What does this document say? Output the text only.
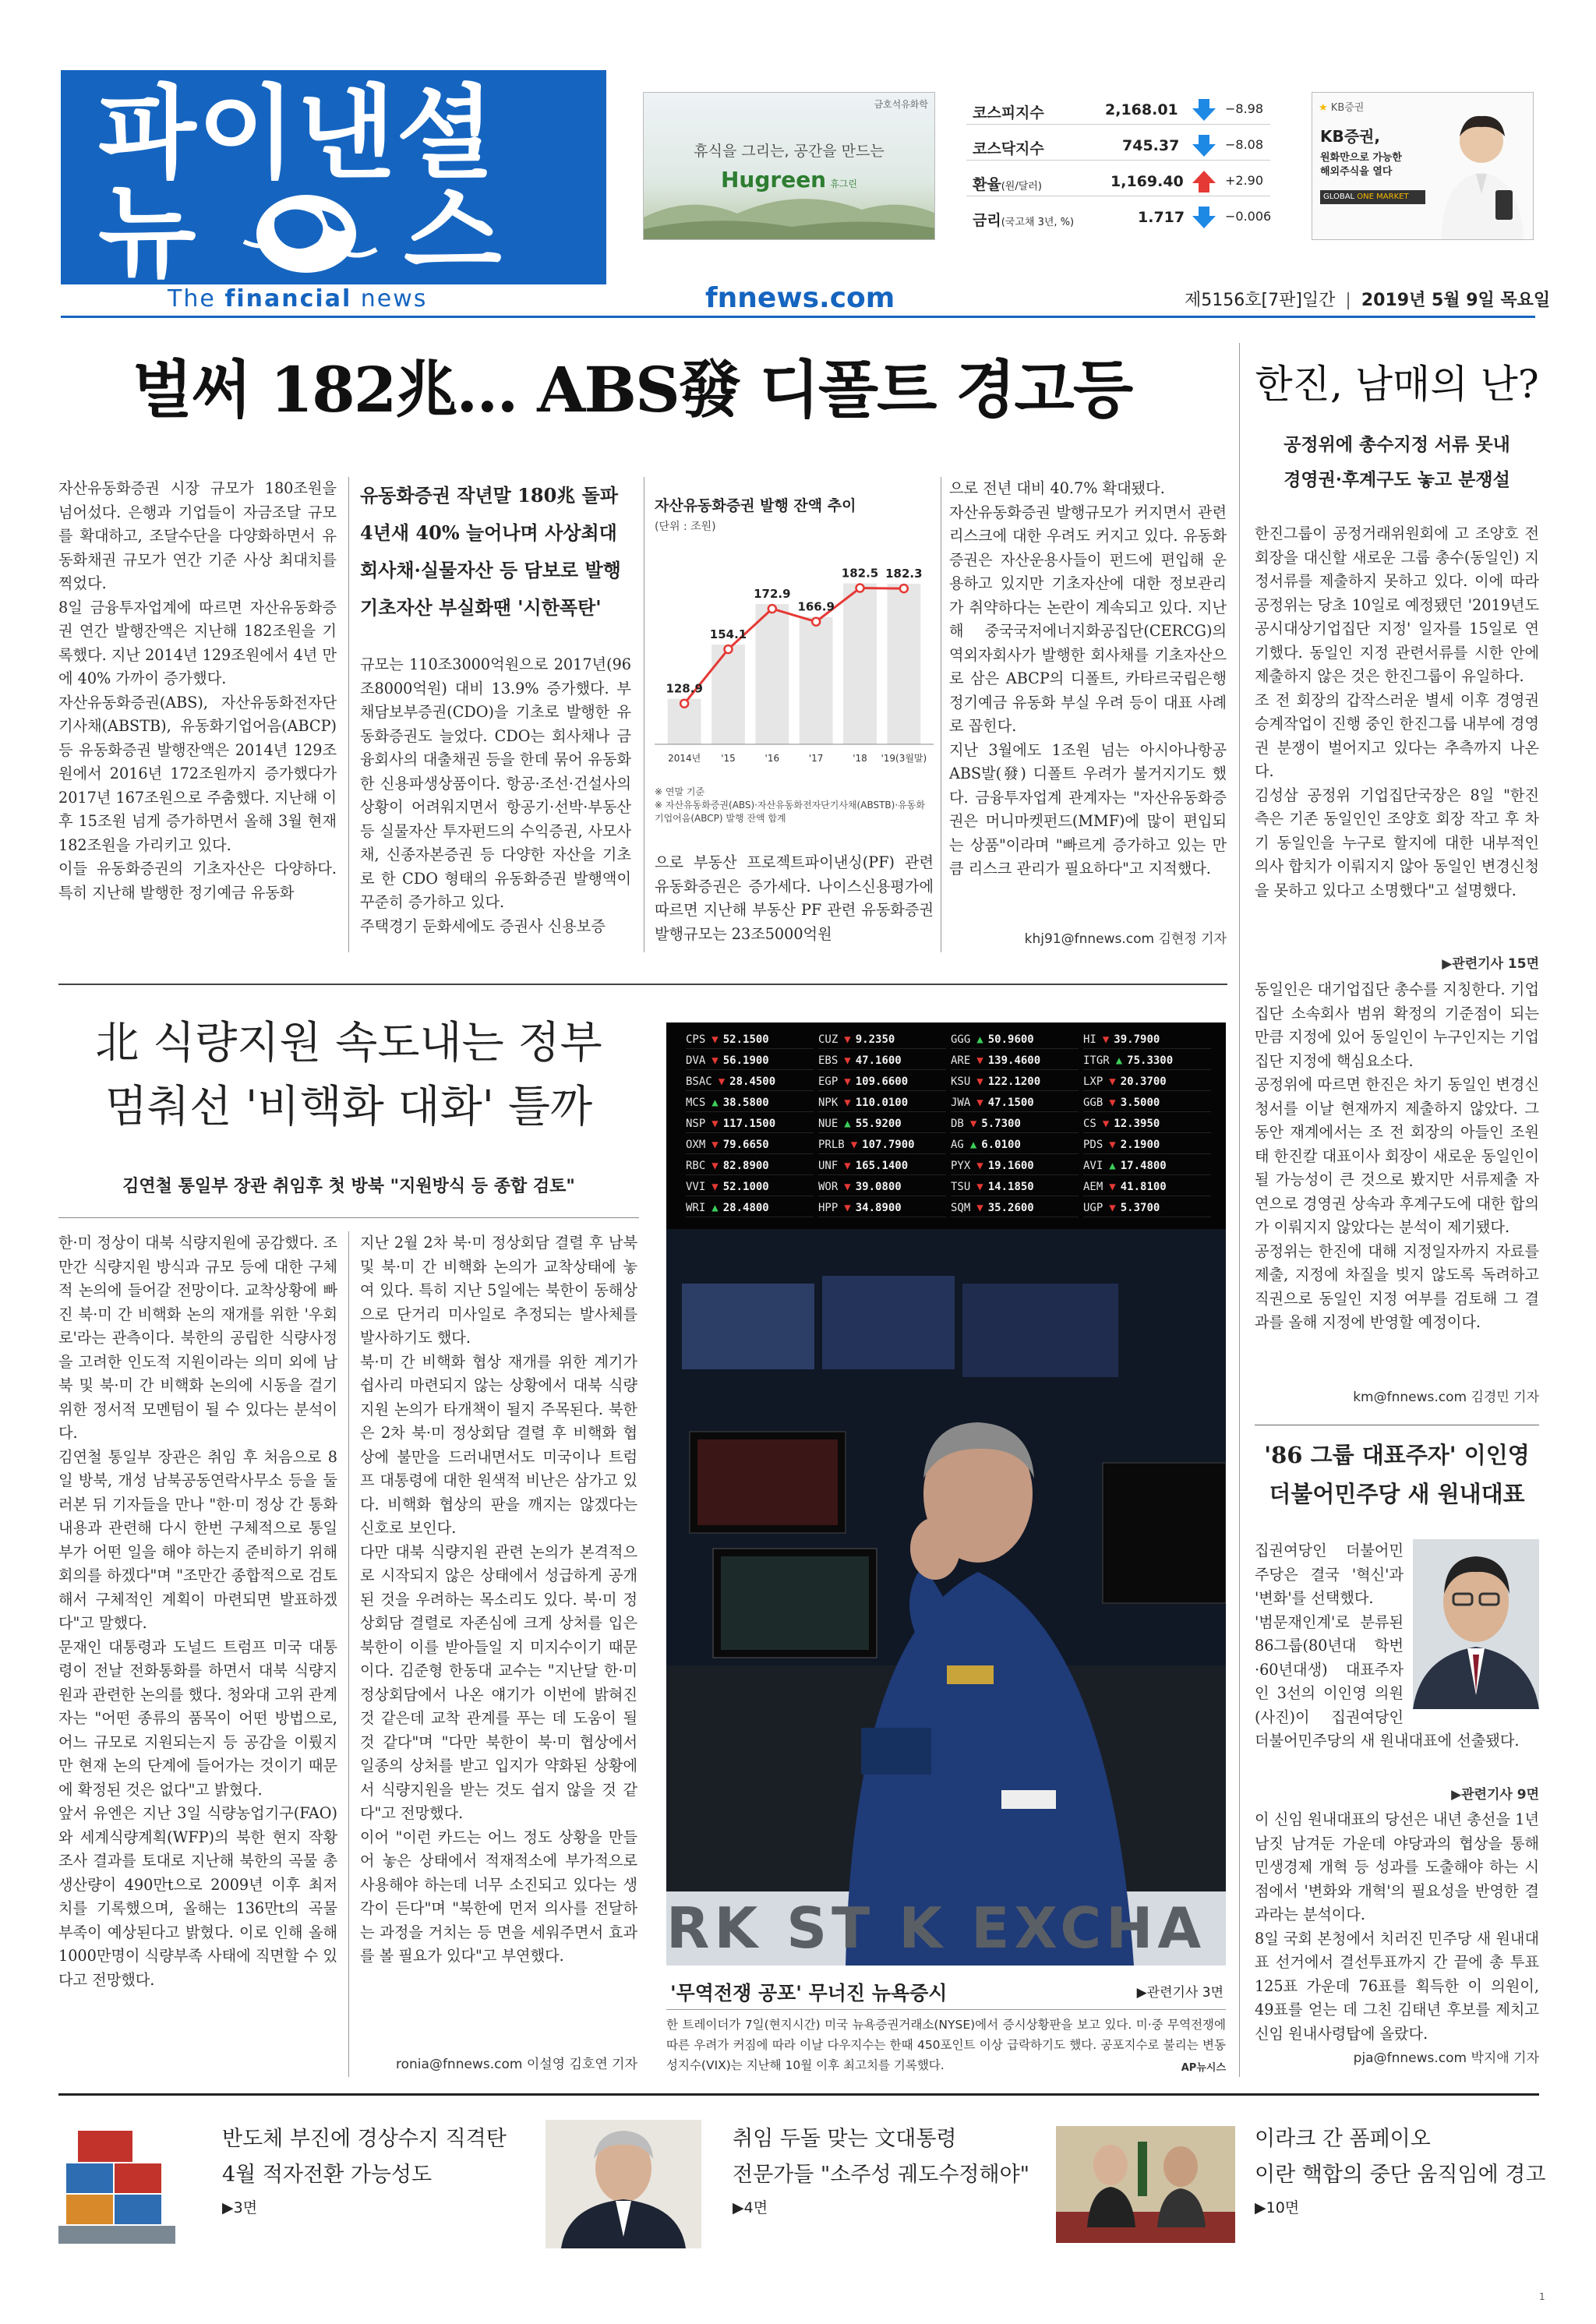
파이낸셜
뉴 스
The financial news	fnnews.com	제5156호[7판]일간 | 2019년 5월 9일 목요일
금호석유화학
휴식을 그리는, 공간을 만드는
Hugreen 휴그린
코스피지수	2,168.01	−8.98
코스닥지수	745.37	−8.08
환율(원/달러)	1,169.40	+2.90
금리(국고채 3년, %)	1.717	−0.006
★ KB증권
KB증권,
원화만으로 가능한
해외주식을 열다
GLOBAL ONE MARKET
벌써 182兆… ABS發 디폴트 경고등

자산유동화증권 시장 규모가 180조원을 넘어섰다. 은행과 기업들이 자금조달 규모를 확대하고, 조달수단을 다양화하면서 유동화채권 규모가 연간 기준 사상 최대치를 찍었다.
8일 금융투자업계에 따르면 자산유동화증권 연간 발행잔액은 지난해 182조원을 기록했다. 지난 2014년 129조원에서 4년 만에 40% 가까이 증가했다.
자산유동화증권(ABS), 자산유동화전자단기사채(ABSTB), 유동화기업어음(ABCP) 등 유동화증권 발행잔액은 2014년 129조원에서 2016년 172조원까지 증가했다가 2017년 167조원으로 주춤했다. 지난해 이후 15조원 넘게 증가하면서 올해 3월 현재 182조원을 가리키고 있다.
이들 유동화증권의 기초자산은 다양하다. 특히 지난해 발행한 정기예금 유동화

유동화증권 작년말 180兆 돌파
4년새 40% 늘어나며 사상최대
회사채·실물자산 등 담보로 발행
기초자산 부실화땐 '시한폭탄'

규모는 110조3000억원으로 2017년(96조8000억원) 대비 13.9% 증가했다. 부채담보부증권(CDO)을 기초로 발행한 유동화증권도 늘었다. CDO는 회사채나 금융회사의 대출채권 등을 한데 묶어 유동화한 신용파생상품이다. 항공·조선·건설사의 상황이 어려워지면서 항공기·선박·부동산 등 실물자산 투자펀드의 수익증권, 사모사채, 신종자본증권 등 다양한 자산을 기초로 한 CDO 형태의 유동화증권 발행액이 꾸준히 증가하고 있다.
주택경기 둔화세에도 증권사 신용보증

자산유동화증권 발행 잔액 추이
(단위 : 조원)
128.9
2014년
154.1
'15
172.9
'16
166.9
'17
182.5
'18
182.3
'19(3월말)
※ 연말 기준
※ 자산유동화증권(ABS)·자산유동화전자단기사채(ABSTB)·유동화기업어음(ABCP) 발행 잔액 합계

으로 부동산 프로젝트파이낸싱(PF) 관련 유동화증권은 증가세다. 나이스신용평가에 따르면 지난해 부동산 PF 관련 유동화증권 발행규모는 23조5000억원

으로 전년 대비 40.7% 확대됐다.
자산유동화증권 발행규모가 커지면서 관련 리스크에 대한 우려도 커지고 있다. 유동화증권은 자산운용사들이 펀드에 편입해 운용하고 있지만 기초자산에 대한 정보관리가 취약하다는 논란이 계속되고 있다. 지난해 중국국저에너지화공집단(CERCG)의 역외자회사가 발행한 회사채를 기초자산으로 삼은 ABCP의 디폴트, 카타르국립은행 정기예금 유동화 부실 우려 등이 대표 사례로 꼽힌다.
지난 3월에도 1조원 넘는 아시아나항공 ABS발(發) 디폴트 우려가 불거지기도 했다. 금융투자업계 관계자는 "자산유동화증권은 머니마켓펀드(MMF)에 많이 편입되는 상품"이라며 "빠르게 증가하고 있는 만큼 리스크 관리가 필요하다"고 지적했다.

khj91@fnnews.com 김현정 기자
한진, 남매의 난?
공정위에 총수지정 서류 못내
경영권·후계구도 놓고 분쟁설

한진그룹이 공정거래위원회에 고 조양호 전 회장을 대신할 새로운 그룹 총수(동일인) 지정서류를 제출하지 못하고 있다. 이에 따라 공정위는 당초 10일로 예정됐던 '2019년도 공시대상기업집단 지정' 일자를 15일로 연기했다. 동일인 지정 관련서류를 시한 안에 제출하지 않은 것은 한진그룹이 유일하다.
조 전 회장의 갑작스러운 별세 이후 경영권 승계작업이 진행 중인 한진그룹 내부에 경영권 분쟁이 벌어지고 있다는 추측까지 나온다.
김성삼 공정위 기업집단국장은 8일 "한진 측은 기존 동일인인 조양호 회장 작고 후 차기 동일인을 누구로 할지에 대한 내부적인 의사 합치가 이뤄지지 않아 동일인 변경신청을 못하고 있다고 소명했다"고 설명했다.

▶관련기사 15면

동일인은 대기업집단 총수를 지칭한다. 기업집단 소속회사 범위 확정의 기준점이 되는 만큼 지정에 있어 동일인이 누구인지는 기업집단 지정에 핵심요소다.
공정위에 따르면 한진은 차기 동일인 변경신청서를 이날 현재까지 제출하지 않았다. 그동안 재계에서는 조 전 회장의 아들인 조원태 한진칼 대표이사 회장이 새로운 동일인이 될 가능성이 큰 것으로 봤지만 서류제출 자연으로 경영권 상속과 후계구도에 대한 합의가 이뤄지지 않았다는 분석이 제기됐다.
공정위는 한진에 대해 지정일자까지 자료를 제출, 지정에 차질을 빚지 않도록 독려하고 직권으로 동일인 지정 여부를 검토해 그 결과를 올해 지정에 반영할 예정이다.

km@fnnews.com 김경민 기자
'86 그룹 대표주자' 이인영
더불어민주당 새 원내대표

집권여당인 더불어민주당은 결국 '혁신'과 '변화'를 선택했다.
'범문재인계'로 분류된 86그룹(80년대 학번·60년대생) 대표주자인 3선의 이인영 의원(사진)이 집권여당인 더불어민주당의 새 원내대표에 선출됐다.

▶관련기사 9면

이 신임 원내대표의 당선은 내년 총선을 1년 남짓 남겨둔 가운데 야당과의 협상을 통해 민생경제 개혁 등 성과를 도출해야 하는 시점에서 '변화와 개혁'의 필요성을 반영한 결과라는 분석이다.
8일 국회 본청에서 치러진 민주당 새 원내대표 선거에서 결선투표까지 간 끝에 총 투표 125표 가운데 76표를 획득한 이 의원이, 49표를 얻는 데 그친 김태년 후보를 제치고 신임 원내사령탑에 올랐다.

pja@fnnews.com 박지애 기자
北 식량지원 속도내는 정부
멈춰선 '비핵화 대화' 틀까
김연철 통일부 장관 취임후 첫 방북 "지원방식 등 종합 검토"

한·미 정상이 대북 식량지원에 공감했다. 조만간 식량지원 방식과 규모 등에 대한 구체적 논의에 들어갈 전망이다. 교착상황에 빠진 북·미 간 비핵화 논의 재개를 위한 '우회로'라는 관측이다. 북한의 공립한 식량사정을 고려한 인도적 지원이라는 의미 외에 남북 및 북·미 간 비핵화 논의에 시동을 걸기 위한 정서적 모멘텀이 될 수 있다는 분석이다.
김연철 통일부 장관은 취임 후 처음으로 8일 방북, 개성 남북공동연락사무소 등을 둘러본 뒤 기자들을 만나 "한·미 정상 간 통화내용과 관련해 다시 한번 구체적으로 통일부가 어떤 일을 해야 하는지 준비하기 위해 회의를 하겠다"며 "조만간 종합적으로 검토해서 구체적인 계획이 마련되면 발표하겠다"고 말했다.
문재인 대통령과 도널드 트럼프 미국 대통령이 전날 전화통화를 하면서 대북 식량지원과 관련한 논의를 했다. 청와대 고위 관계자는 "어떤 종류의 품목이 어떤 방법으로, 어느 규모로 지원되는지 등 공감을 이뤘지만 현재 논의 단계에 들어가는 것이기 때문에 확정된 것은 없다"고 밝혔다.
앞서 유엔은 지난 3일 식량농업기구(FAO)와 세계식량계획(WFP)의 북한 현지 작황조사 결과를 토대로 지난해 북한의 곡물 총생산량이 490만t으로 2009년 이후 최저치를 기록했으며, 올해는 136만t의 곡물 부족이 예상된다고 밝혔다. 이로 인해 올해 1000만명이 식량부족 사태에 직면할 수 있다고 전망했다.

지난 2월 2차 북·미 정상회담 결렬 후 남북 및 북·미 간 비핵화 논의가 교착상태에 놓여 있다. 특히 지난 5일에는 북한이 동해상으로 단거리 미사일로 추정되는 발사체를 발사하기도 했다.
북·미 간 비핵화 협상 재개를 위한 계기가 쉽사리 마련되지 않는 상황에서 대북 식량지원 논의가 타개책이 될지 주목된다. 북한은 2차 북·미 정상회담 결렬 후 비핵화 협상에 불만을 드러내면서도 미국이나 트럼프 대통령에 대한 원색적 비난은 삼가고 있다. 비핵화 협상의 판을 깨지는 않겠다는 신호로 보인다.
다만 대북 식량지원 관련 논의가 본격적으로 시작되지 않은 상태에서 성급하게 공개된 것을 우려하는 목소리도 있다. 북·미 정상회담 결렬로 자존심에 크게 상처를 입은 북한이 이를 받아들일 지 미지수이기 때문이다. 김준형 한동대 교수는 "지난달 한·미 정상회담에서 나온 얘기가 이번에 밝혀진 것 같은데 교착 관계를 푸는 데 도움이 될 것 같다"며 "다만 북한이 북·미 협상에서 일종의 상처를 받고 입지가 약화된 상황에서 식량지원을 받는 것도 쉽지 않을 것 같다"고 전망했다.
이어 "이런 카드는 어느 정도 상황을 만들어 놓은 상태에서 적재적소에 부가적으로 사용해야 하는데 너무 소진되고 있다는 생각이 든다"며 "북한에 먼저 의사를 전달하는 과정을 거치는 등 면을 세워주면서 효과를 볼 필요가 있다"고 부연했다.

ronia@fnnews.com 이설영 김호연 기자
CPS ▼ 52.1500	CUZ ▼ 9.2350	GGG ▲ 50.9600	HI ▼ 39.7900
DVA ▼ 56.1900	EBS ▼ 47.1600	ARE ▼ 139.4600	ITGR ▲ 75.3300
BSAC ▼ 28.4500	EGP ▼ 109.6600	KSU ▼ 122.1200	LXP ▼ 20.3700
MCS ▲ 38.5800	NPK ▼ 110.0100	JWA ▼ 47.1500	GGB ▼ 3.5000
NSP ▼ 117.1500	NUE ▲ 55.9200	DB ▼ 5.7300	CS ▼ 12.3950
OXM ▼ 79.6650	PRLB ▼ 107.7900	AG ▲ 6.0100	PDS ▼ 2.1900
RBC ▼ 82.8900	UNF ▼ 165.1400	PYX ▼ 19.1600	AVI ▲ 17.4800
VVI ▼ 52.1000	WOR ▼ 39.0800	TSU ▼ 14.1850	AEM ▼ 41.8100
WRI ▲ 28.4800	HPP ▼ 34.8900	SQM ▼ 35.2600	UGP ▼ 5.3700
RK ST K EXCHA
'무역전쟁 공포' 무너진 뉴욕증시	▶관련기사 3면
한 트레이더가 7일(현지시간) 미국 뉴욕증권거래소(NYSE)에서 증시상황판을 보고 있다. 미·중 무역전쟁에 따른 우려가 커짐에 따라 이날 다우지수는 한때 450포인트 이상 급락하기도 했다. 공포지수로 불리는 변동성지수(VIX)는 지난해 10월 이후 최고치를 기록했다.	AP뉴시스
반도체 부진에 경상수지 직격탄
4월 적자전환 가능성도
▶3면
취임 두돌 맞는 文대통령
전문가들 "소주성 궤도수정해야"
▶4면
이라크 간 폼페이오
이란 핵합의 중단 움직임에 경고
▶10면
1
